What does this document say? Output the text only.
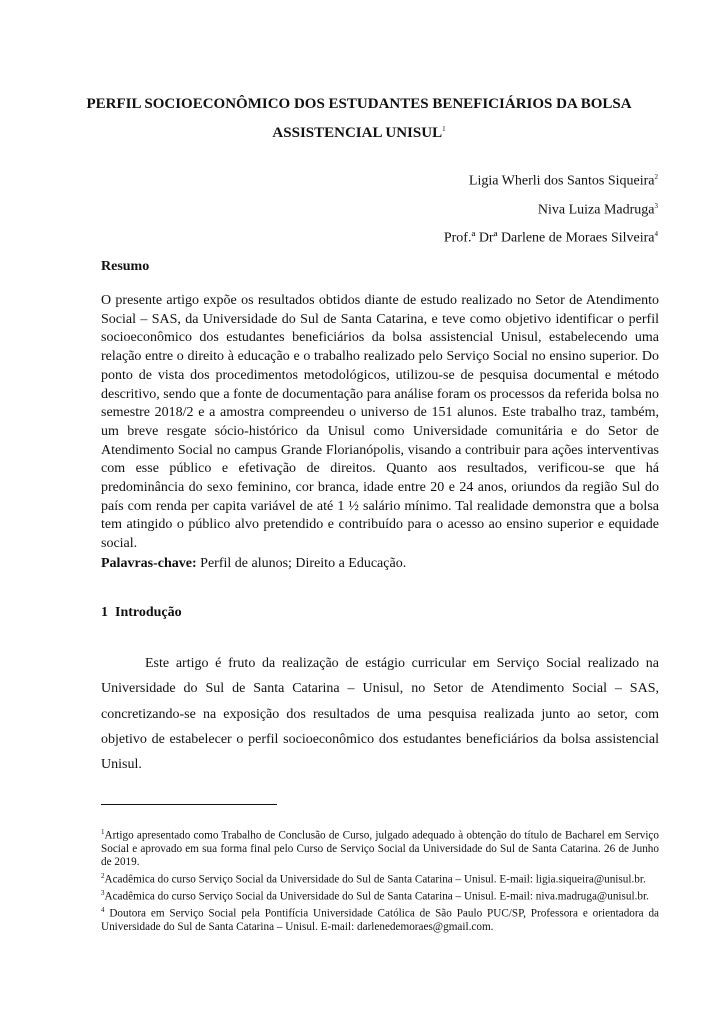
PERFIL SOCIOECONÔMICO DOS ESTUDANTES BENEFICIÁRIOS DA BOLSA
ASSISTENCIAL UNISUL$^1$
Ligia Wherli dos Santos Siqueira$^2$
Niva Luiza Madruga$^3$
Prof.ª Drª Darlene de Moraes Silveira$^4$
Resumo

O presente artigo expõe os resultados obtidos diante de estudo realizado no Setor de Atendimento Social – SAS, da Universidade do Sul de Santa Catarina, e teve como objetivo identificar o perfil socioeconômico dos estudantes beneficiários da bolsa assistencial Unisul, estabelecendo uma relação entre o direito à educação e o trabalho realizado pelo Serviço Social no ensino superior. Do ponto de vista dos procedimentos metodológicos, utilizou-se de pesquisa documental e método descritivo, sendo que a fonte de documentação para análise foram os processos da referida bolsa no semestre 2018/2 e a amostra compreendeu o universo de 151 alunos. Este trabalho traz, também, um breve resgate sócio-histórico da Unisul como Universidade comunitária e do Setor de Atendimento Social no campus Grande Florianópolis, visando a contribuir para ações interventivas com esse público e efetivação de direitos. Quanto aos resultados, verificou-se que há predominância do sexo feminino, cor branca, idade entre 20 e 24 anos, oriundos da região Sul do país com renda per capita variável de até 1 ½ salário mínimo. Tal realidade demonstra que a bolsa tem atingido o público alvo pretendido e contribuído para o acesso ao ensino superior e equidade social.

Palavras-chave: Perfil de alunos; Direito a Educação.

1 Introdução

Este artigo é fruto da realização de estágio curricular em Serviço Social realizado na Universidade do Sul de Santa Catarina – Unisul, no Setor de Atendimento Social – SAS, concretizando-se na exposição dos resultados de uma pesquisa realizada junto ao setor, com objetivo de estabelecer o perfil socioeconômico dos estudantes beneficiários da bolsa assistencial Unisul.

$^1$Artigo apresentado como Trabalho de Conclusão de Curso, julgado adequado à obtenção do título de Bacharel em Serviço Social e aprovado em sua forma final pelo Curso de Serviço Social da Universidade do Sul de Santa Catarina. 26 de Junho de 2019.

$^2$Acadêmica do curso Serviço Social da Universidade do Sul de Santa Catarina – Unisul. E-mail: ligia.siqueira@unisul.br.

$^3$Acadêmica do curso Serviço Social da Universidade do Sul de Santa Catarina – Unisul. E-mail: niva.madruga@unisul.br.

$^4$ Doutora em Serviço Social pela Pontifícia Universidade Católica de São Paulo PUC/SP, Professora e orientadora da Universidade do Sul de Santa Catarina – Unisul. E-mail: darlenedemoraes@gmail.com.
